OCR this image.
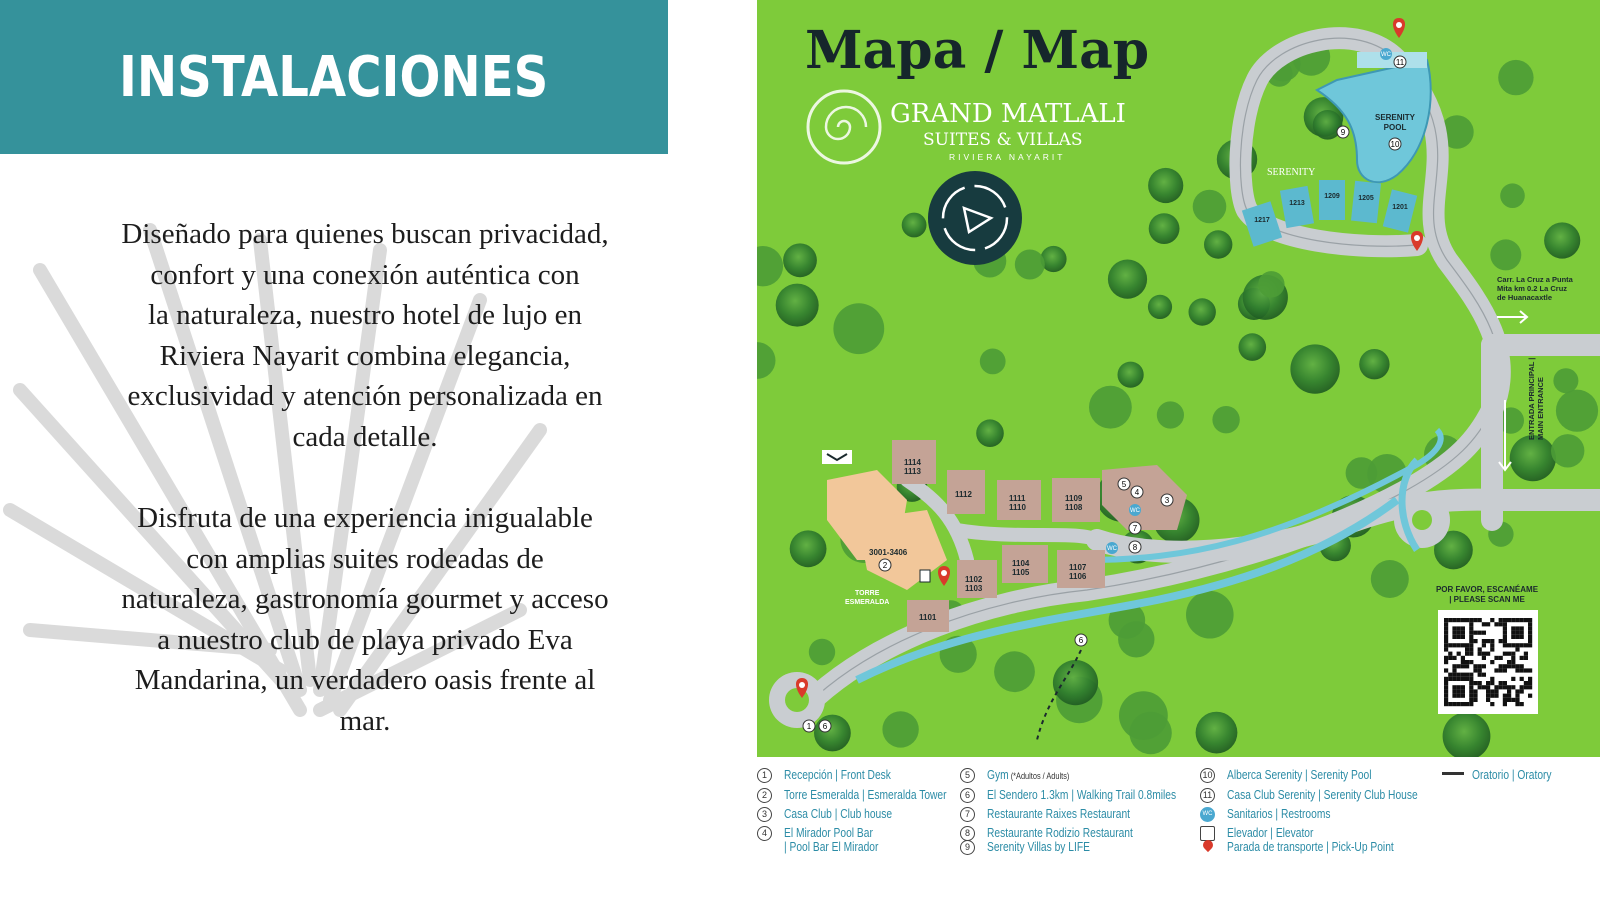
INSTALACIONES
Diseñado para quienes buscan privacidad,
confort y una conexión auténtica con
la naturaleza, nuestro hotel de lujo en
Riviera Nayarit combina elegancia,
exclusividad y atención personalizada en
cada detalle.
Disfruta de una experiencia inigualable
con amplias suites rodeadas de
naturaleza, gastronomía gourmet y acceso
a nuestro club de playa privado Eva
Mandarina, un verdadero oasis frente al
mar.
SERENITY
POOL
1217
1213
1209	1205
1201
SERENITY
3001-3406
1114
1113
1112	1111
1110
1109
1108
1104
1105
1107
1106
1102
1103
1101
TORRE
ESMERALDA
11
9
10
5
4
3
7
8
2
6
1 6
WC
WC
WC
Mapa / Map
GRAND MATLALI
SUITES & VILLAS
RIVIERA NAYARIT
Carr. La Cruz a Punta
Mita km 0.2 La Cruz
de Huanacaxtle
ENTRADA PRINCIPAL | MAIN ENTRANCE
POR FAVOR, ESCANÉAME
| PLEASE SCAN ME
1	Recepción | Front Desk
2	Torre Esmeralda | Esmeralda Tower
3	Casa Club | Club house
4	El Mirador Pool Bar
| Pool Bar El Mirador
5	Gym (*Adultos / Adults)
6	El Sendero 1.3km | Walking Trail 0.8miles
7	Restaurante Raixes Restaurant
8	Restaurante Rodizio Restaurant
9	Serenity Villas by LIFE
10 Alberca Serenity | Serenity Pool
11 Casa Club Serenity | Serenity Club House
WC Sanitarios | Restrooms
Elevador | Elevator
Parada de transporte | Pick-Up Point
Oratorio | Oratory
